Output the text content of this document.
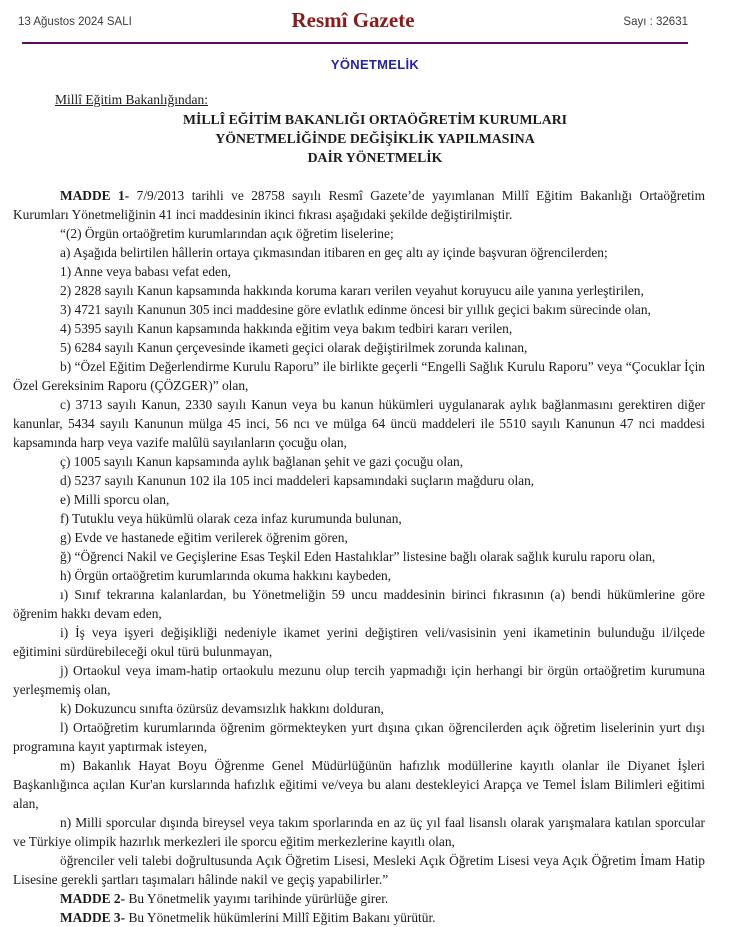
13 Ağustos 2024 SALI	Resmî Gazete	Sayı : 32631
YÖNETMELİK
Millî Eğitim Bakanlığından:
MİLLÎ EĞİTİM BAKANLIĞI ORTAÖĞRETİM KURUMLARI
YÖNETMELİĞİNDE DEĞİŞİKLİK YAPILMASINA
DAİR YÖNETMELİK

MADDE 1- 7/9/2013 tarihli ve 28758 sayılı Resmî Gazete’de yayımlanan Millî Eğitim Bakanlığı Ortaöğretim Kurumları Yönetmeliğinin 41 inci maddesinin ikinci fıkrası aşağıdaki şekilde değiştirilmiştir.

“(2) Örgün ortaöğretim kurumlarından açık öğretim liselerine;

a) Aşağıda belirtilen hâllerin ortaya çıkmasından itibaren en geç altı ay içinde başvuran öğrencilerden;

1) Anne veya babası vefat eden,

2) 2828 sayılı Kanun kapsamında hakkında koruma kararı verilen veyahut koruyucu aile yanına yerleştirilen,

3) 4721 sayılı Kanunun 305 inci maddesine göre evlatlık edinme öncesi bir yıllık geçici bakım sürecinde olan,

4) 5395 sayılı Kanun kapsamında hakkında eğitim veya bakım tedbiri kararı verilen,

5) 6284 sayılı Kanun çerçevesinde ikameti geçici olarak değiştirilmek zorunda kalınan,

b) “Özel Eğitim Değerlendirme Kurulu Raporu” ile birlikte geçerli “Engelli Sağlık Kurulu Raporu” veya “Çocuklar İçin Özel Gereksinim Raporu (ÇÖZGER)” olan,

c) 3713 sayılı Kanun, 2330 sayılı Kanun veya bu kanun hükümleri uygulanarak aylık bağlanmasını gerektiren diğer kanunlar, 5434 sayılı Kanunun mülga 45 inci, 56 ncı ve mülga 64 üncü maddeleri ile 5510 sayılı Kanunun 47 nci maddesi kapsamında harp veya vazife malûlü sayılanların çocuğu olan,

ç) 1005 sayılı Kanun kapsamında aylık bağlanan şehit ve gazi çocuğu olan,

d) 5237 sayılı Kanunun 102 ila 105 inci maddeleri kapsamındaki suçların mağduru olan,

e) Milli sporcu olan,

f) Tutuklu veya hükümlü olarak ceza infaz kurumunda bulunan,

g) Evde ve hastanede eğitim verilerek öğrenim gören,

ğ) “Öğrenci Nakil ve Geçişlerine Esas Teşkil Eden Hastalıklar” listesine bağlı olarak sağlık kurulu raporu olan,

h) Örgün ortaöğretim kurumlarında okuma hakkını kaybeden,

ı) Sınıf tekrarına kalanlardan, bu Yönetmeliğin 59 uncu maddesinin birinci fıkrasının (a) bendi hükümlerine göre öğrenim hakkı devam eden,

i) İş veya işyeri değişikliği nedeniyle ikamet yerini değiştiren veli/vasisinin yeni ikametinin bulunduğu il/ilçede eğitimini sürdürebileceği okul türü bulunmayan,

j) Ortaokul veya imam-hatip ortaokulu mezunu olup tercih yapmadığı için herhangi bir örgün ortaöğretim kurumuna yerleşmemiş olan,

k) Dokuzuncu sınıfta özürsüz devamsızlık hakkını dolduran,

l) Ortaöğretim kurumlarında öğrenim görmekteyken yurt dışına çıkan öğrencilerden açık öğretim liselerinin yurt dışı programına kayıt yaptırmak isteyen,

m) Bakanlık Hayat Boyu Öğrenme Genel Müdürlüğünün hafızlık modüllerine kayıtlı olanlar ile Diyanet İşleri Başkanlığınca açılan Kur'an kurslarında hafızlık eğitimi ve/veya bu alanı destekleyici Arapça ve Temel İslam Bilimleri eğitimi alan,

n) Milli sporcular dışında bireysel veya takım sporlarında en az üç yıl faal lisanslı olarak yarışmalara katılan sporcular ve Türkiye olimpik hazırlık merkezleri ile sporcu eğitim merkezlerine kayıtlı olan,

öğrenciler veli talebi doğrultusunda Açık Öğretim Lisesi, Mesleki Açık Öğretim Lisesi veya Açık Öğretim İmam Hatip Lisesine gerekli şartları taşımaları hâlinde nakil ve geçiş yapabilirler.”

MADDE 2- Bu Yönetmelik yayımı tarihinde yürürlüğe girer.

MADDE 3- Bu Yönetmelik hükümlerini Millî Eğitim Bakanı yürütür.
